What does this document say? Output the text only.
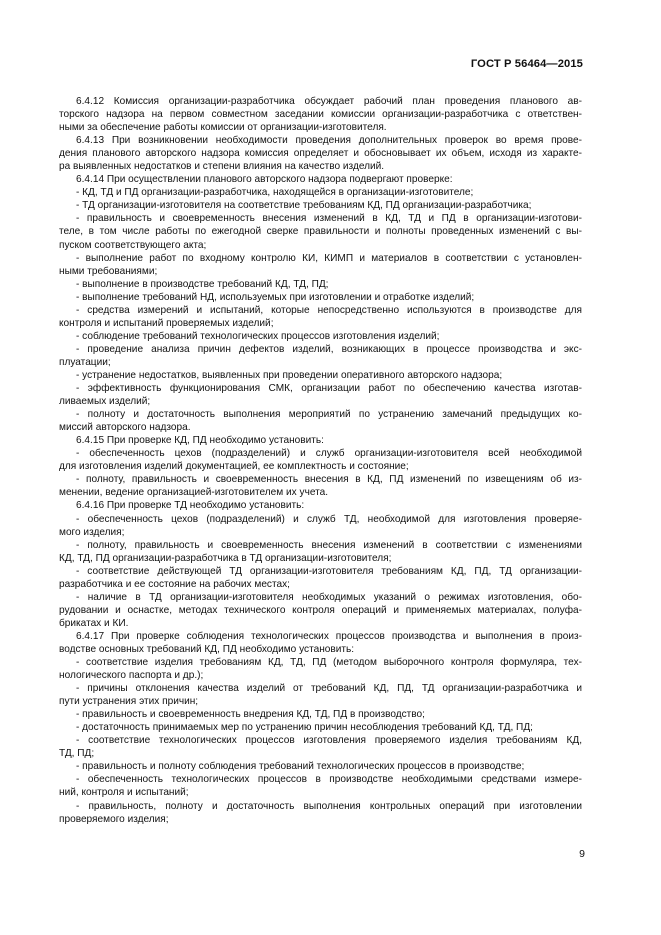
ГОСТ Р 56464—2015
6.4.12 Комиссия организации-разработчика обсуждает рабочий план проведения планового ав-
торского надзора на первом совместном заседании комиссии организации-разработчика с ответствен-
ными за обеспечение работы комиссии от организации-изготовителя.
6.4.13 При возникновении необходимости проведения дополнительных проверок во время прове-
дения планового авторского надзора комиссия определяет и обосновывает их объем, исходя из характе-
ра выявленных недостатков и степени влияния на качество изделий.
6.4.14 При осуществлении планового авторского надзора подвергают проверке:
- КД, ТД и ПД организации-разработчика, находящейся в организации-изготовителе;
- ТД организации-изготовителя на соответствие требованиям КД, ПД организации-разработчика;
- правильность и своевременность внесения изменений в КД, ТД и ПД в организации-изготови-
теле, в том числе работы по ежегодной сверке правильности и полноты проведенных изменений с вы-
пуском соответствующего акта;
- выполнение работ по входному контролю КИ, КИМП и материалов в соответствии с установлен-
ными требованиями;
- выполнение в производстве требований КД, ТД, ПД;
- выполнение требований НД, используемых при изготовлении и отработке изделий;
- средства измерений и испытаний, которые непосредственно используются в производстве для
контроля и испытаний проверяемых изделий;
- соблюдение требований технологических процессов изготовления изделий;
- проведение анализа причин дефектов изделий, возникающих в процессе производства и экс-
плуатации;
- устранение недостатков, выявленных при проведении оперативного авторского надзора;
- эффективность функционирования СМК, организации работ по обеспечению качества изготав-
ливаемых изделий;
- полноту и достаточность выполнения мероприятий по устранению замечаний предыдущих ко-
миссий авторского надзора.
6.4.15 При проверке КД, ПД необходимо установить:
- обеспеченность цехов (подразделений) и служб организации-изготовителя всей необходимой
для изготовления изделий документацией, ее комплектность и состояние;
- полноту, правильность и своевременность внесения в КД, ПД изменений по извещениям об из-
менении, ведение организацией-изготовителем их учета.
6.4.16 При проверке ТД необходимо установить:
- обеспеченность цехов (подразделений) и служб ТД, необходимой для изготовления проверяе-
мого изделия;
- полноту, правильность и своевременность внесения изменений в соответствии с изменениями
КД, ТД, ПД организации-разработчика в ТД организации-изготовителя;
- соответствие действующей ТД организации-изготовителя требованиям КД, ПД, ТД организации-
разработчика и ее состояние на рабочих местах;
- наличие в ТД организации-изготовителя необходимых указаний о режимах изготовления, обо-
рудовании и оснастке, методах технического контроля операций и применяемых материалах, полуфа-
брикатах и КИ.
6.4.17 При проверке соблюдения технологических процессов производства и выполнения в произ-
водстве основных требований КД, ПД необходимо установить:
- соответствие изделия требованиям КД, ТД, ПД (методом выборочного контроля формуляра, тех-
нологического паспорта и др.);
- причины отклонения качества изделий от требований КД, ПД, ТД организации-разработчика и
пути устранения этих причин;
- правильность и своевременность внедрения КД, ТД, ПД в производство;
- достаточность принимаемых мер по устранению причин несоблюдения требований КД, ТД, ПД;
- соответствие технологических процессов изготовления проверяемого изделия требованиям КД,
ТД, ПД;
- правильность и полноту соблюдения требований технологических процессов в производстве;
- обеспеченность технологических процессов в производстве необходимыми средствами измере-
ний, контроля и испытаний;
- правильность, полноту и достаточность выполнения контрольных операций при изготовлении
проверяемого изделия;
9
